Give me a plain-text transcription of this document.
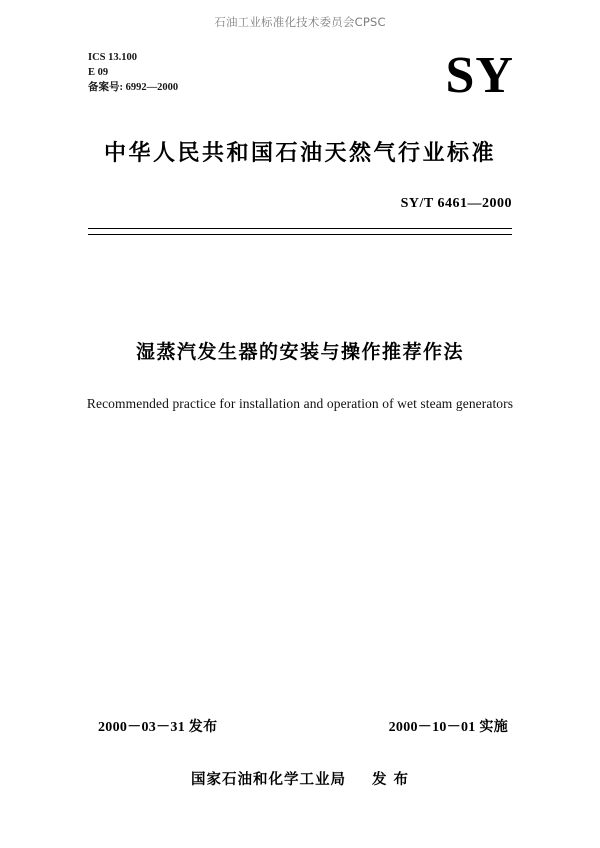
石油工业标准化技术委员会CPSC
ICS 13.100
E 09
备案号: 6992—2000	SY
中华人民共和国石油天然气行业标准
SY/T 6461—2000
湿蒸汽发生器的安装与操作推荐作法
Recommended practice for installation and operation of wet steam generators
2000－03－31 发布	2000－10－01 实施
国家石油和化学工业局 发 布
